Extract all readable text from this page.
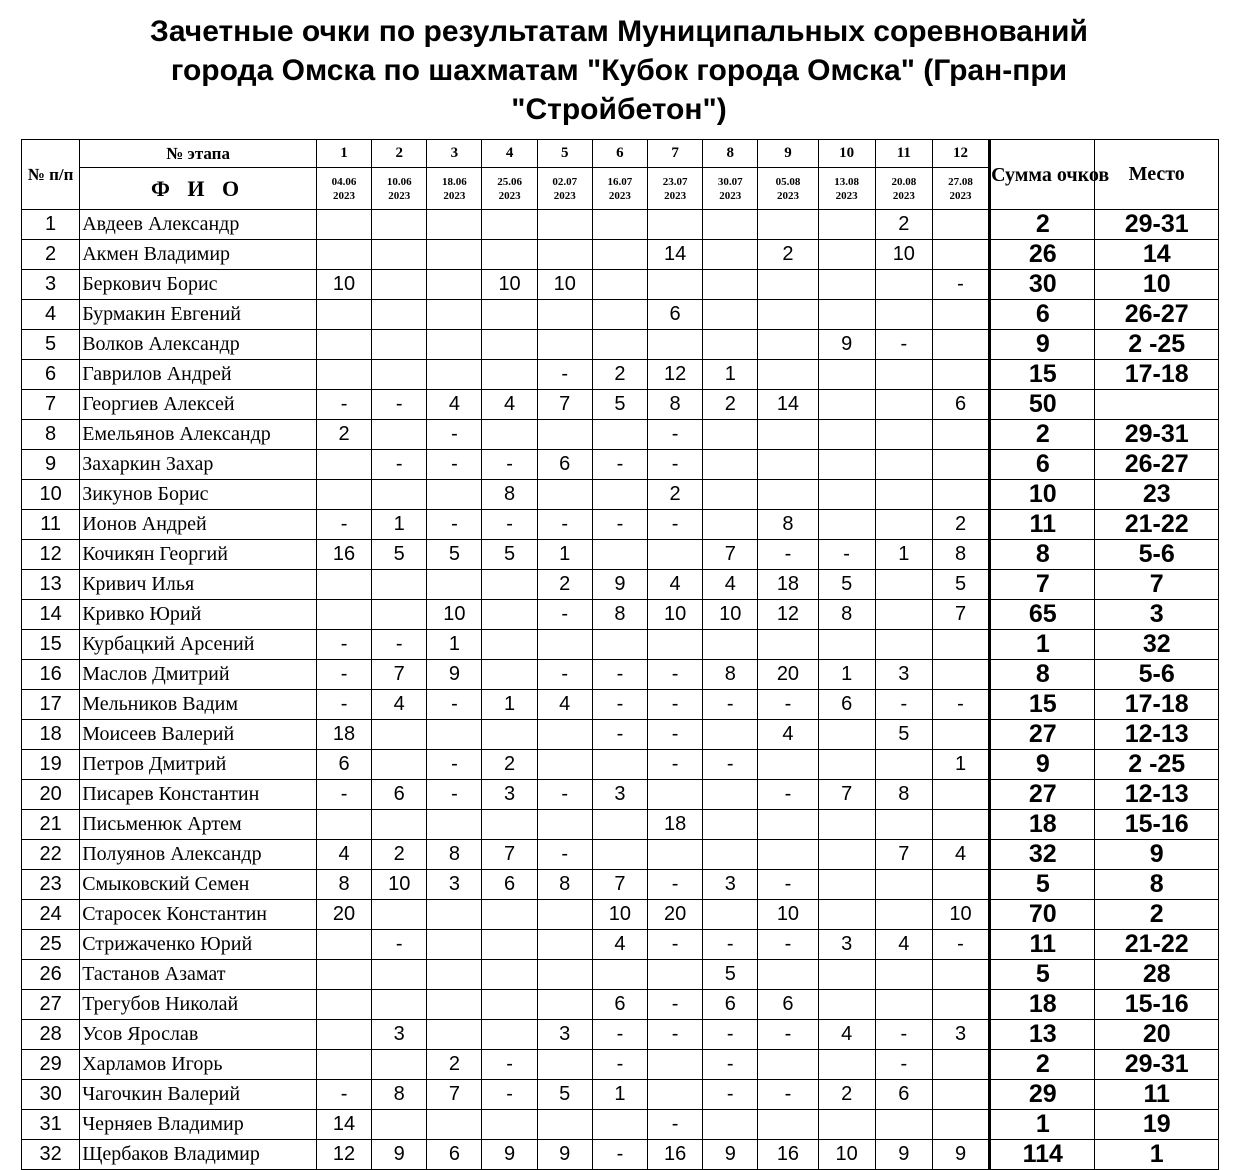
Зачетные очки по результатам Муниципальных соревнований
города Омска по шахматам "Кубок города Омска" (Гран-при
"Стройбетон")
№ п/п	№ этапа	1	2	3	4	5	6	7	8	9	10	11	12	Сумма очков	Место
	Ф И О	04.06 2023	10.06 2023	18.06 2023	25.06 2023	02.07 2023	16.07 2023	23.07 2023	30.07 2023	05.08 2023	13.08 2023	20.08 2023	27.08 2023		

1	Авдеев Александр											2		2	29-31
2	Акмен Владимир							14		2		10		26	14
3	Беркович Борис	10			10	10							-	30	10
4	Бурмакин Евгений							6						6	26-27
5	Волков Александр										9	-		9	2 -25
6	Гаврилов Андрей					-	2	12	1					15	17-18
7	Георгиев Алексей	-	-	4	4	7	5	8	2	14			6	50	
8	Емельянов Александр	2		-				-						2	29-31
9	Захаркин Захар		-	-	-	6	-	-						6	26-27
10	Зикунов Борис				8			2						10	23
11	Ионов Андрей	-	1	-	-	-	-	-		8			2	11	21-22
12	Кочикян Георгий	16	5	5	5	1			7	-	-	1	8	8	5-6
13	Кривич Илья					2	9	4	4	18	5		5	7	7
14	Кривко Юрий			10		-	8	10	10	12	8		7	65	3
15	Курбацкий Арсений	-	-	1										1	32
16	Маслов Дмитрий	-	7	9		-	-	-	8	20	1	3		8	5-6
17	Мельников Вадим	-	4	-	1	4	-	-	-	-	6	-	-	15	17-18
18	Моисеев Валерий	18					-	-		4		5		27	12-13
19	Петров Дмитрий	6		-	2			-	-				1	9	2 -25
20	Писарев Константин	-	6	-	3	-	3			-	7	8		27	12-13
21	Письменюк Артем							18						18	15-16
22	Полуянов Александр	4	2	8	7	-						7	4	32	9
23	Смыковский Семен	8	10	3	6	8	7	-	3	-				5	8
24	Старосек Константин	20					10	20		10			10	70	2
25	Стрижаченко Юрий		-				4	-	-	-	3	4	-	11	21-22
26	Тастанов Азамат								5					5	28
27	Трегубов Николай						6	-	6	6				18	15-16
28	Усов Ярослав		3			3	-	-	-	-	4	-	3	13	20
29	Харламов Игорь			2	-		-		-			-		2	29-31
30	Чагочкин Валерий	-	8	7	-	5	1		-	-	2	6		29	11
31	Черняев Владимир	14						-						1	19
32	Щербаков Владимир	12	9	6	9	9	-	16	9	16	10	9	9	114	1
